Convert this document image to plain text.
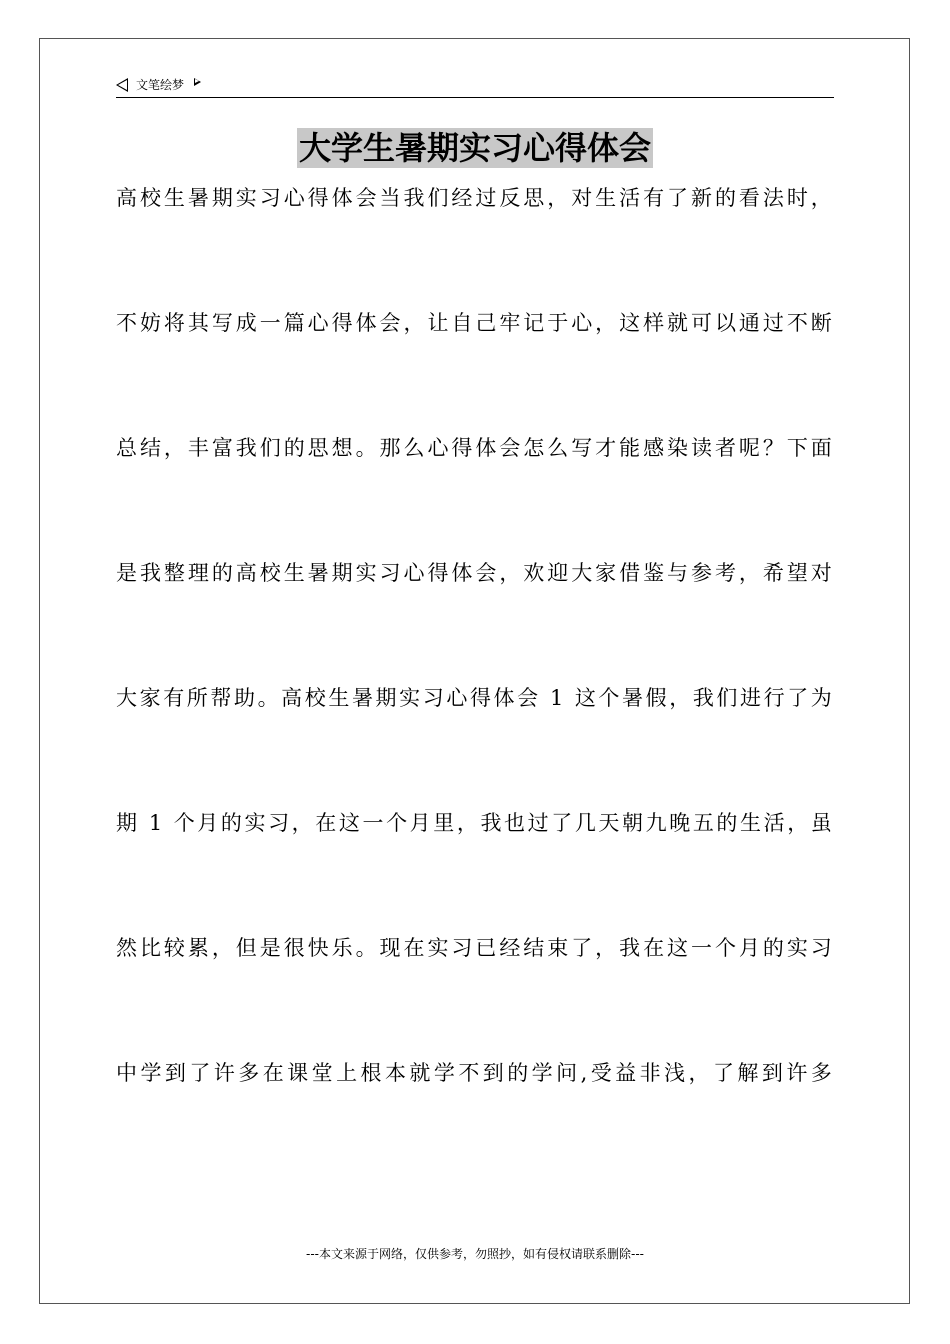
文笔绘梦
大学生暑期实习心得体会
高校生暑期实习心得体会当我们经过反思，对生活有了新的看法时，
不妨将其写成一篇心得体会，让自己牢记于心，这样就可以通过不断
总结，丰富我们的思想。那么心得体会怎么写才能感染读者呢？下面
是我整理的高校生暑期实习心得体会，欢迎大家借鉴与参考，希望对
大家有所帮助。高校生暑期实习心得体会 1 这个暑假，我们进行了为
期 1 个月的实习，在这一个月里，我也过了几天朝九晚五的生活，虽
然比较累，但是很快乐。现在实习已经结束了，我在这一个月的实习
中学到了许多在课堂上根本就学不到的学问,受益非浅，了解到许多
---本文来源于网络，仅供参考，勿照抄，如有侵权请联系删除---
